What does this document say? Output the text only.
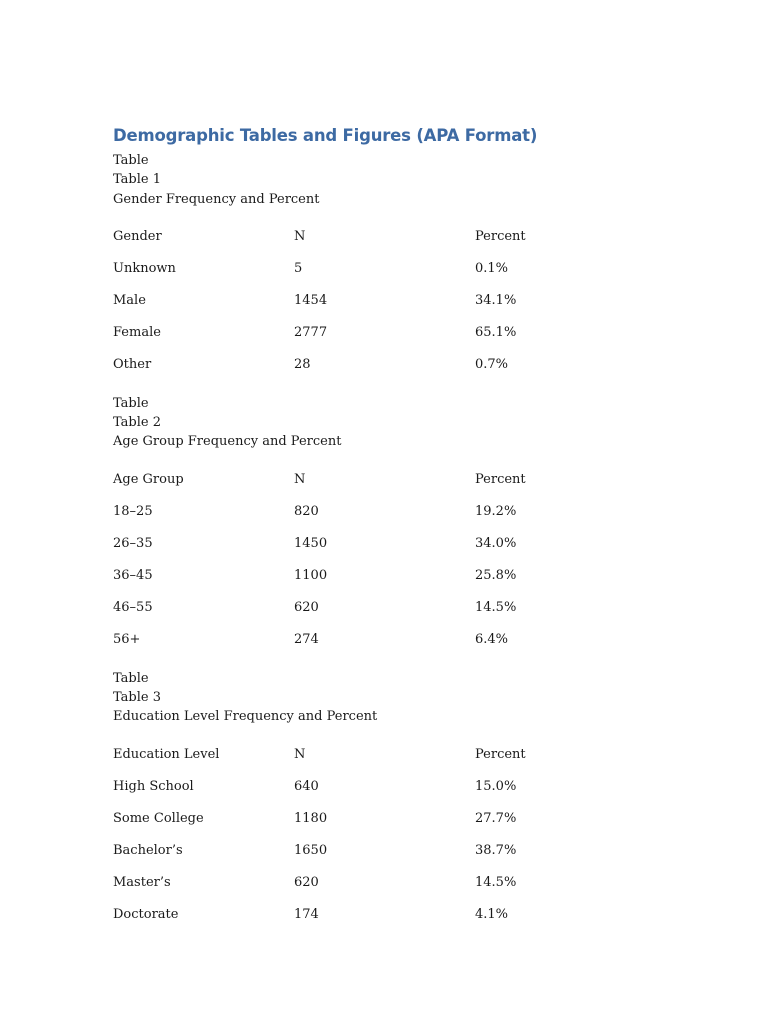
Demographic Tables and Figures (APA Format)

Table

Table 1

Gender Frequency and Percent

Gender	N	Percent
Unknown	5	0.1%
Male	1454	34.1%
Female	2777	65.1%
Other	28	0.7%

Table

Table 2

Age Group Frequency and Percent

Age Group	N	Percent
18–25	820	19.2%
26–35	1450	34.0%
36–45	1100	25.8%
46–55	620	14.5%
56+	274	6.4%

Table

Table 3

Education Level Frequency and Percent

Education Level	N	Percent
High School	640	15.0%
Some College	1180	27.7%
Bachelor’s	1650	38.7%
Master’s	620	14.5%
Doctorate	174	4.1%
